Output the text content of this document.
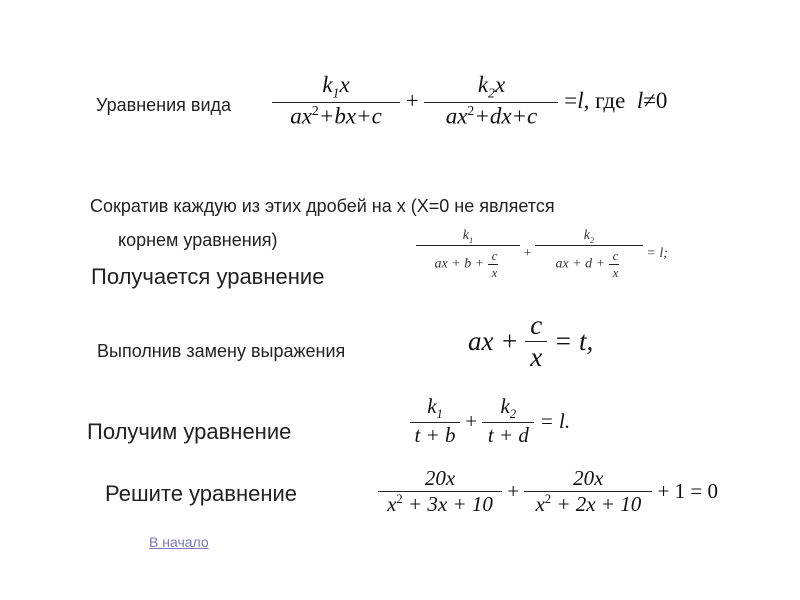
Уравнения вида $\frac{k_1x}{ax^2+bx+c} + \frac{k_2x}{ax^2+dx+c} =l$, где l≠0
Сократив каждую из этих дробей на х (Х=0 не является
корнем уравнения)
Получается уравнение	$\frac{k_1}{ax + b + \frac{c}{x}} + \frac{k_2}{ax + d + \frac{c}{x}} = l$;
Выполнив замену выражения	ax + $\frac{c}{x} = t$,
Получим уравнение	$\frac{k_1}{t + b} + \frac{k_2}{t + d} = l$.
Решите уравнение	$\frac{20x}{x^2 + 3x + 10} + \frac{20x}{x^2 + 2x + 10} + 1 = 0$
В начало
